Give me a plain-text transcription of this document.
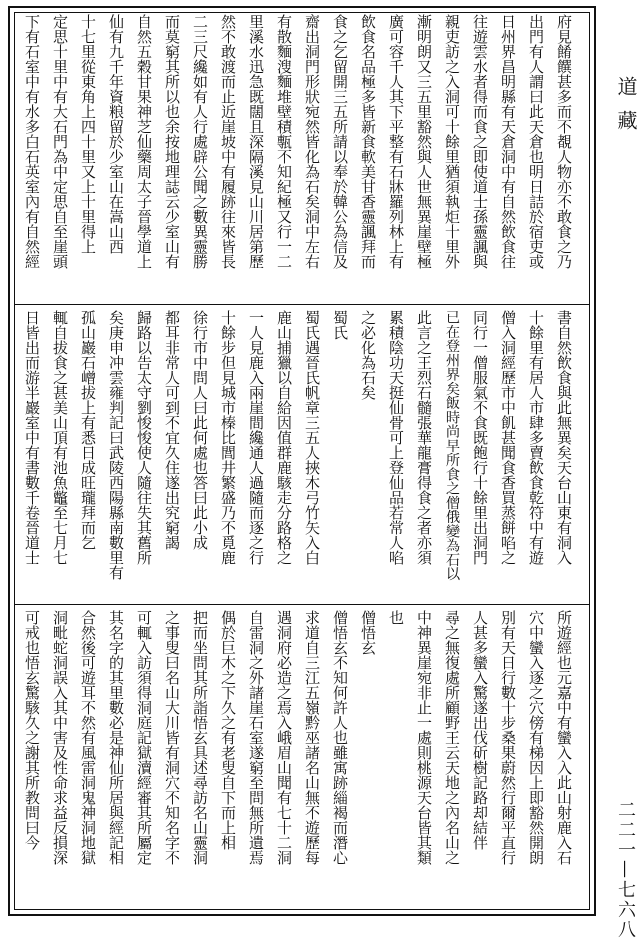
道藏
二二一—七六八
府見餚饌甚多而不覩人物亦不敢食之乃
出門有人謂曰此天倉也明日詰於宿吏或
日州界昌明縣有天倉洞中有自然飲食往
往遊雲水者得而食之即使道士孫靈諷與
親吏訪之入洞可十餘里猶須執炬十里外
漸明朗又三五里豁然與人世無異崖壁極
廣可容千人其下平整有石牀羅列林上有
飲食名品極多皆新食軟美甘香靈諷拜而
食之乞留開三五所請以奉於韓公為信及
齋出洞門形狀宛然皆化為石矣洞中左右
有散麵溲麵堆壁積甎不知紀極又行一二
里溪水迅急既闊且深隔溪見山川居第歷
然不敢渡而止近崖坡中有履跡往來皆長
二三尺纔如有人行處辟公聞之數異靈勝
而莫窮其所以也余按地理誌云少室山有
自然五穀甘果神芝仙藥周太子晉學道上
仙有九千年資粮留於少室山在嵩山西
十七里從東角上四十里又上十里得上
定思十里中有大石門為中定思自至崖頭
下有石室中有水多白石英室內有自然經
書自然飲食與此無異矣天台山東有洞入
十餘里有居人市肆多賣飲食乾符中有遊
僧入洞經歷市中飢甚聞食香買蒸餅啗之
同行一僧服氣不食既飽行十餘里出洞門
已在登州界矣飯時尚早所食之僧俄變為石以
此言之王烈石髓張華龍膏得食之者亦須
累積陰功天挺仙骨可上登仙品若常人啗
之必化為石矣
蜀氏
蜀氏遇晉氏帆章三五人挾木弓竹矢入白
鹿山捕獵以自給因值群鹿駭走分路格之
一人見鹿入兩崖間纔通人過隨而逐之行
十餘步但見城市榛比閭井繁盛乃不覓鹿
徐行市中問人曰此何處也答曰此小成
都耳非常人可到不宜久住遂出究窮謁
歸路以告太守劉悛悛使人隨往失其舊所
矣庚申冲雲雍判記曰武陵西陽縣南數里有
孤山巖石嶒拔上有悉日成旺瓏拜而乞
輒自拔食之甚美山頂有池魚鼈至七月七
日皆出而游半巖室中有書數千卷晉道士
所遊經也元嘉中有蠻入入此山射鹿入石
穴中蠻入逐之穴傍有梯因上即豁然開朗
別有天日行數十步桑果蔚然行爾平直行
人甚多蠻入驚遂出伐斫樹記路却結伴
尋之無復處所顧野王云天地之內名山之
中神異崖宛非止一處則桃源天台皆其類
也
僧悟玄
僧悟玄不知何許人也雖寓跡緇褐而潛心
求道自三江五嶺黔巫諸名山無不遊歷每
遇洞府必造之焉入峨眉山聞有七十二洞
自雷洞之外諸崖石室遂窮至問無所遺焉
偶於巨木之下久之有老叟自下而上相
把而坐問其所詣悟玄具述尋訪名山靈洞
之事叟曰名山大川皆有洞穴不知名字不
可輒入訪須得洞庭記獄瀆經審其所屬定
其名字的其里數必是神仙所居與經記相
合然後可遊耳不然有風雷洞鬼神洞地獄
洞毗蛇洞誤入其中害及性命求益反損深
可戒也悟玄驚駭久之謝其所教問曰今
